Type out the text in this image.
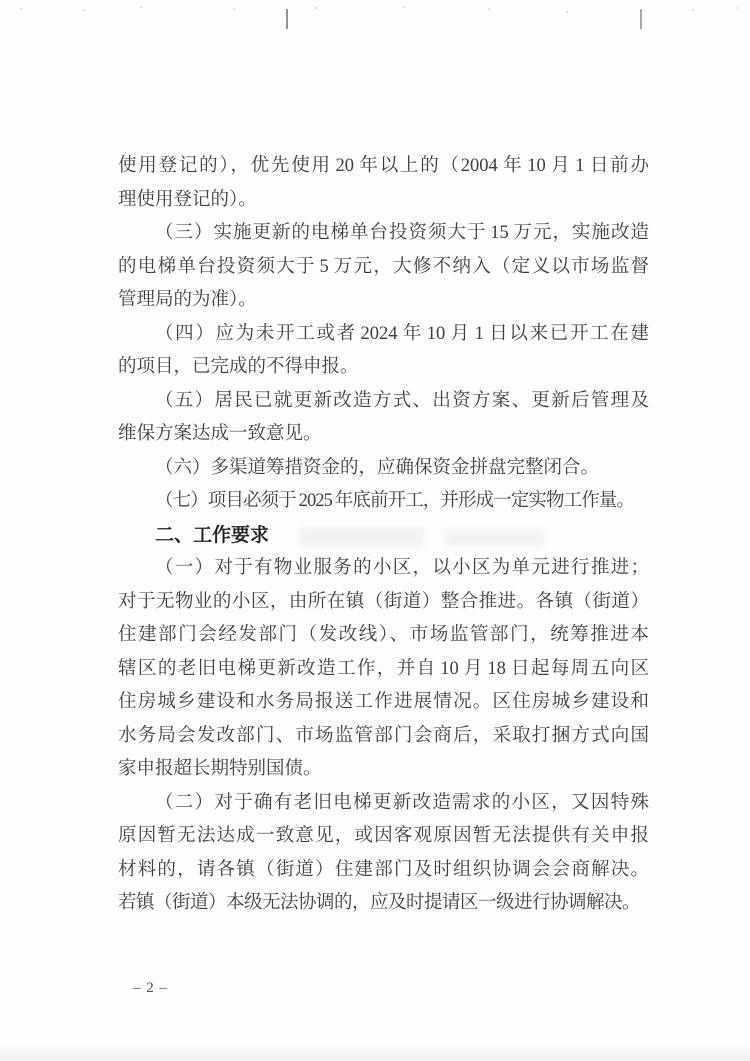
使用登记的），优先使用 20 年以上的（2004 年 10 月 1 日前办
理使用登记的）。
（三）实施更新的电梯单台投资须大于 15 万元，实施改造
的电梯单台投资须大于 5 万元，大修不纳入（定义以市场监督
管理局的为准）。
（四）应为未开工或者 2024 年 10 月 1 日以来已开工在建
的项目，已完成的不得申报。
（五）居民已就更新改造方式、出资方案、更新后管理及
维保方案达成一致意见。
（六）多渠道筹措资金的，应确保资金拼盘完整闭合。
（七）项目必须于 2025 年底前开工，并形成一定实物工作量。
二、工作要求
（一）对于有物业服务的小区，以小区为单元进行推进；
对于无物业的小区，由所在镇（街道）整合推进。各镇（街道）
住建部门会经发部门（发改线）、市场监管部门，统筹推进本
辖区的老旧电梯更新改造工作，并自 10 月 18 日起每周五向区
住房城乡建设和水务局报送工作进展情况。区住房城乡建设和
水务局会发改部门、市场监管部门会商后，采取打捆方式向国
家申报超长期特别国债。
（二）对于确有老旧电梯更新改造需求的小区，又因特殊
原因暂无法达成一致意见，或因客观原因暂无法提供有关申报
材料的，请各镇（街道）住建部门及时组织协调会会商解决。
若镇（街道）本级无法协调的，应及时提请区一级进行协调解决。
– 2 –
